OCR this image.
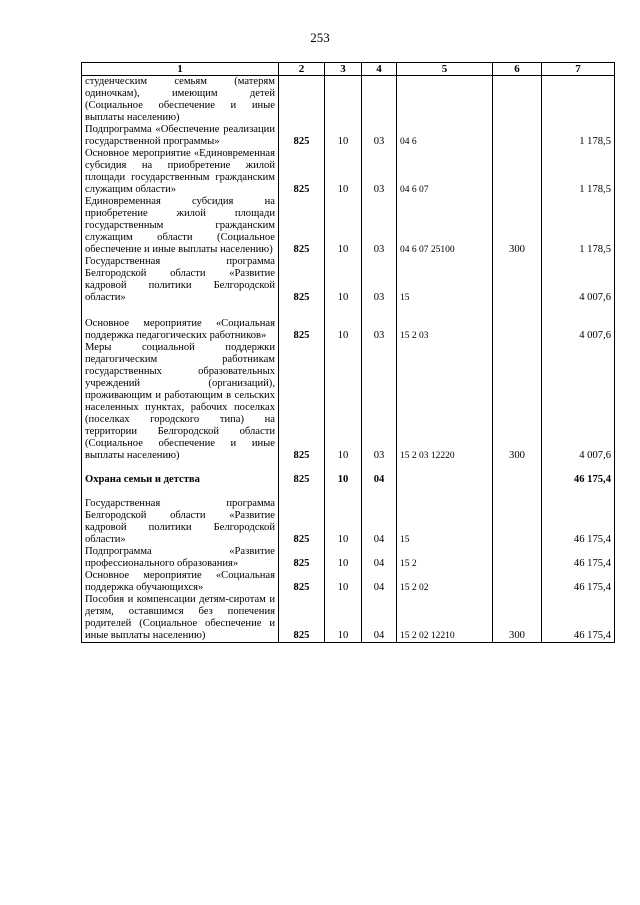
253
1	2	3	4	5	6	7
студенческим семьям (матерям одиночкам), имеющим детей (Социальное обеспечение и иные выплаты населению)						
Подпрограмма «Обеспечение реализации государственной программы»	825	10	03	04 6		1 178,5
Основное мероприятие «Единовременная субсидия на приобретение жилой площади государственным гражданским служащим области»	825	10	03	04 6 07		1 178,5
Единовременная субсидия на приобретение жилой площади государственным гражданским служащим области (Социальное обеспечение и иные выплаты населению)	825	10	03	04 6 07 25100	300	1 178,5
Государственная программа Белгородской области «Развитие кадровой политики Белгородской области»	825	10	03	15		4 007,6
Основное мероприятие «Социальная поддержка педагогических работников»	825	10	03	15 2 03		4 007,6
Меры социальной поддержки педагогическим работникам государственных образовательных учреждений (организаций), проживающим и работающим в сельских населенных пунктах, рабочих поселках (поселках городского типа) на территории Белгородской области (Социальное обеспечение и иные выплаты населению)	825	10	03	15 2 03 12220	300	4 007,6
Охрана семьи и детства	825	10	04			46 175,4
Государственная программа Белгородской области «Развитие кадровой политики Белгородской области»	825	10	04	15		46 175,4
Подпрограмма «Развитие профессионального образования»	825	10	04	15 2		46 175,4
Основное мероприятие «Социальная поддержка обучающихся»	825	10	04	15 2 02		46 175,4
Пособия и компенсации детям-сиротам и детям, оставшимся без попечения родителей (Социальное обеспечение и иные выплаты населению)	825	10	04	15 2 02 12210	300	46 175,4
